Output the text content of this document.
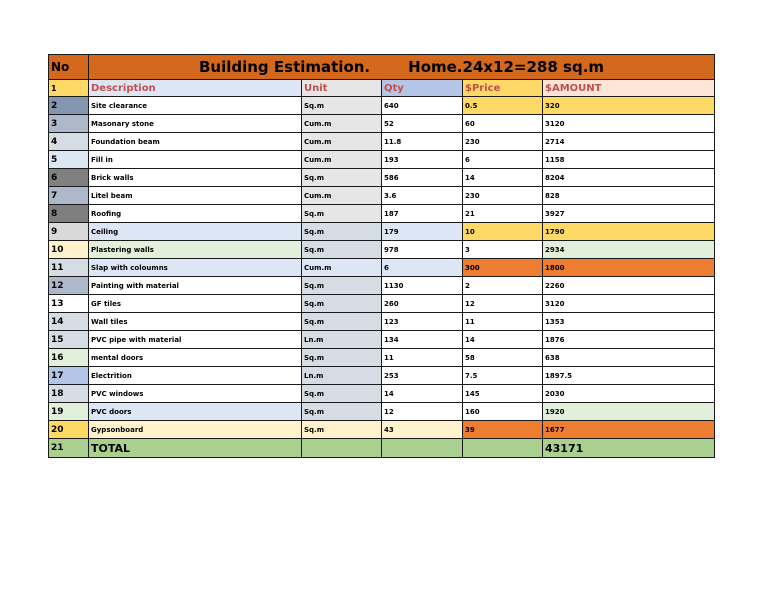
No	Building Estimation. Home.24x12=288 sq.m				

1	Description	Unit	Qty	$Price	$AMOUNT
2	Site clearance	Sq.m	640	0.5	320
3	Masonary stone	Cum.m	52	60	3120
4	Foundation beam	Cum.m	11.8	230	2714
5	Fill in	Cum.m	193	6	1158
6	Brick walls	Sq.m	586	14	8204
7	Litel beam	Cum.m	3.6	230	828
8	Roofing	Sq.m	187	21	3927
9	Ceiling	Sq.m	179	10	1790
10	Plastering walls	Sq.m	978	3	2934
11	Slap with coloumns	Cum.m	6	300	1800
12	Painting with material	Sq.m	1130	2	2260
13	GF tiles	Sq.m	260	12	3120
14	Wall tiles	Sq.m	123	11	1353
15	PVC pipe with material	Ln.m	134	14	1876
16	mental doors	Sq.m	11	58	638
17	Electrition	Ln.m	253	7.5	1897.5
18	PVC windows	Sq.m	14	145	2030
19	PVC doors	Sq.m	12	160	1920
20	Gypsonboard	Sq.m	43	39	1677
21	TOTAL				43171
